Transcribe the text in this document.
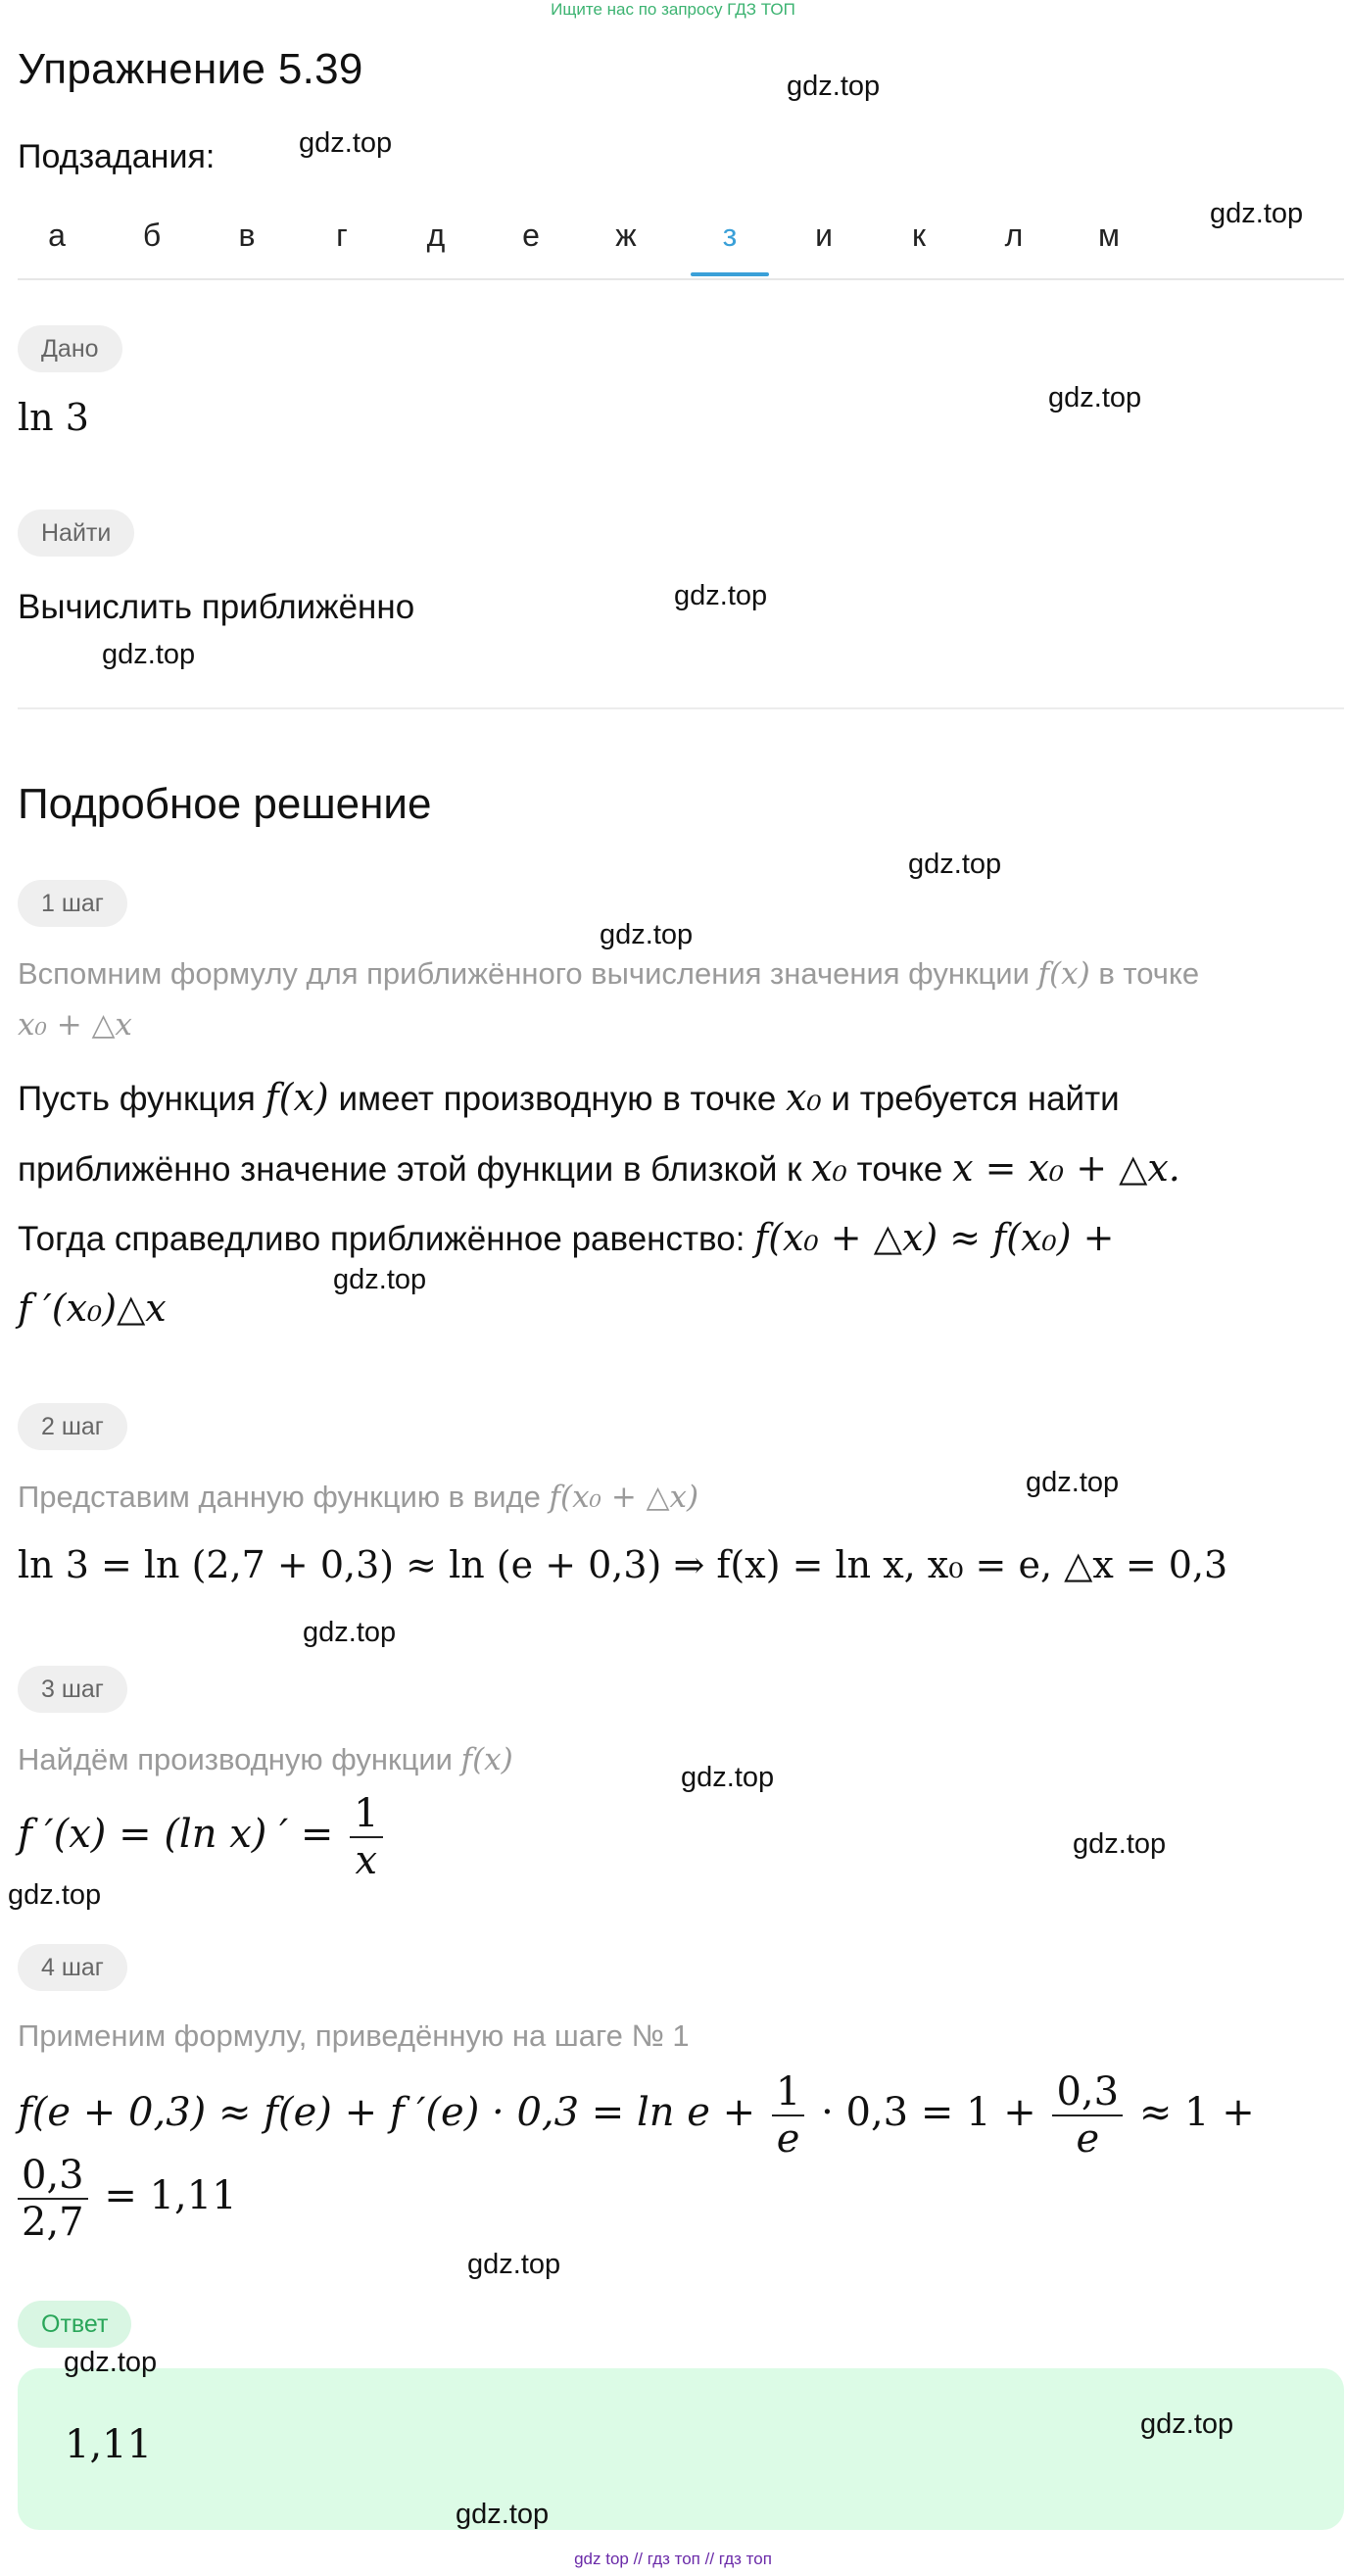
Ищите нас по запросу ГДЗ ТОП
Упражнение 5.39
Подзадания:
а	б	в	г	д	е	ж	з	и	к	л	м
Дано
ln 3
Найти
Вычислить приближённо
Подробное решение
1 шаг
Вспомним формулу для приближённого вычисления значения функции f(x) в точке
x₀ + △x
Пусть функция f(x) имеет производную в точке x₀ и требуется найти
приближённо значение этой функции в близкой к x₀ точке x = x₀ + △x.
Тогда справедливо приближённое равенство: f(x₀ + △x) ≈ f(x₀) +
f ′(x₀)△x
2 шаг
Представим данную функцию в виде f(x₀ + △x)
ln 3 = ln (2,7 + 0,3) ≈ ln (e + 0,3) ⇒ f(x) = ln x, x₀ = e, △x = 0,3
3 шаг
Найдём производную функции f(x)
f ′(x) = (ln x) ′ = $\frac{1}{x}$
4 шаг
Применим формулу, приведённую на шаге № 1
f(e + 0,3) ≈ f(e) + f $'(e) \cdot 0,3 = \ln e + \frac{1}{e} \cdot 0,3 = 1 + \frac{0,3}{e} \approx 1$ +
$\frac{0,3}{2,7} = 1,11$
Ответ
1,11
gdz.top
gdz.top
gdz.top
gdz.top
gdz.top
gdz.top
gdz.top
gdz.top
gdz.top
gdz.top
gdz.top
gdz.top
gdz.top
gdz.top
gdz.top
gdz.top
gdz.top
gdz.top
gdz top // гдз топ // гдз топ
